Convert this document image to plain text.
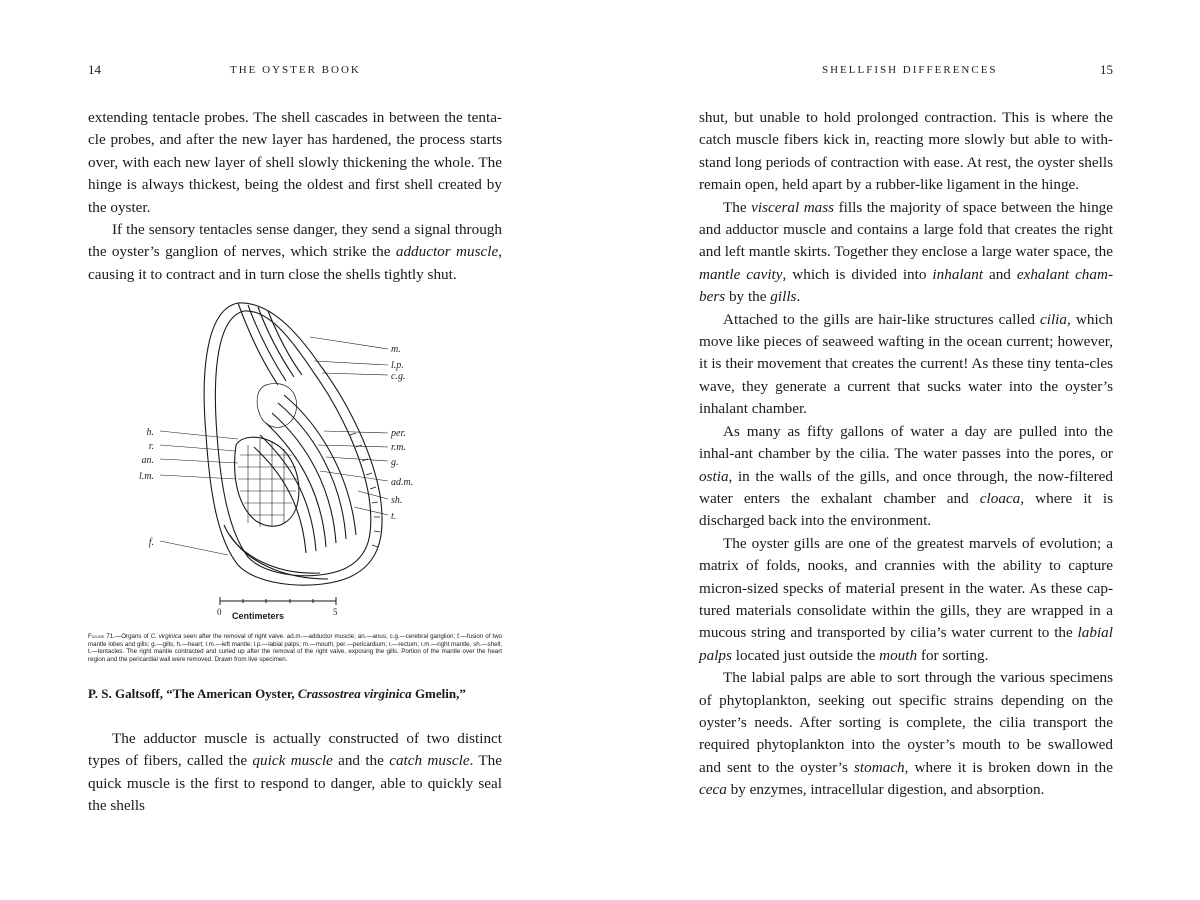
14	THE OYSTER BOOK

extending tentacle probes. The shell cascades in between the tenta-cle probes, and after the new layer has hardened, the process starts over, with each new layer of shell slowly thickening the whole. The hinge is always thickest, being the oldest and first shell created by the oyster.

If the sensory tentacles sense danger, they send a signal through the oyster’s ganglion of nerves, which strike the adductor muscle, causing it to contract and in turn close the shells tightly shut.

m.
l.p.
c.g.
per.
r.m.
g.
ad.m.
sh.
t.
h.
r.
an.
l.m.
f.
0	5
Centimeters
Figure 71.—Organs of C. virginica seen after the removal of right valve. ad.m.—adductor muscle; an.—anus; c.g.—cerebral ganglion; f.—fusion of two mantle lobes and gills; g.—gills; h.—heart; l.m.—left mantle; l.p.—labial palps; m.—mouth; per.—pericardium; r.—rectum; r.m.—right mantle, sh.—shell; t.—tentacles. The right mantle contracted and curled up after the removal of the right valve, exposing the gills. Portion of the mantle over the heart region and the pericardial wall were removed. Drawn from live specimen.
P. S. Galtsoff, “The American Oyster, Crassostrea virginica Gmelin,”

The adductor muscle is actually constructed of two distinct types of fibers, called the quick muscle and the catch muscle. The quick muscle is the first to respond to danger, able to quickly seal the shells

SHELLFISH DIFFERENCES	15

shut, but unable to hold prolonged contraction. This is where the catch muscle fibers kick in, reacting more slowly but able to with-stand long periods of contraction with ease. At rest, the oyster shells remain open, held apart by a rubber-like ligament in the hinge.

The visceral mass fills the majority of space between the hinge and adductor muscle and contains a large fold that creates the right and left mantle skirts. Together they enclose a large water space, the mantle cavity, which is divided into inhalant and exhalant cham-bers by the gills.

Attached to the gills are hair-like structures called cilia, which move like pieces of seaweed wafting in the ocean current; however, it is their movement that creates the current! As these tiny tenta-cles wave, they generate a current that sucks water into the oyster’s inhalant chamber.

As many as fifty gallons of water a day are pulled into the inhal-ant chamber by the cilia. The water passes into the pores, or ostia, in the walls of the gills, and once through, the now-filtered water enters the exhalant chamber and cloaca, where it is discharged back into the environment.

The oyster gills are one of the greatest marvels of evolution; a matrix of folds, nooks, and crannies with the ability to capture micron-sized specks of material present in the water. As these cap-tured materials consolidate within the gills, they are wrapped in a mucous string and transported by cilia’s water current to the labial palps located just outside the mouth for sorting.

The labial palps are able to sort through the various specimens of phytoplankton, seeking out specific strains depending on the oyster’s needs. After sorting is complete, the cilia transport the required phytoplankton into the oyster’s mouth to be swallowed and sent to the oyster’s stomach, where it is broken down in the ceca by enzymes, intracellular digestion, and absorption.
